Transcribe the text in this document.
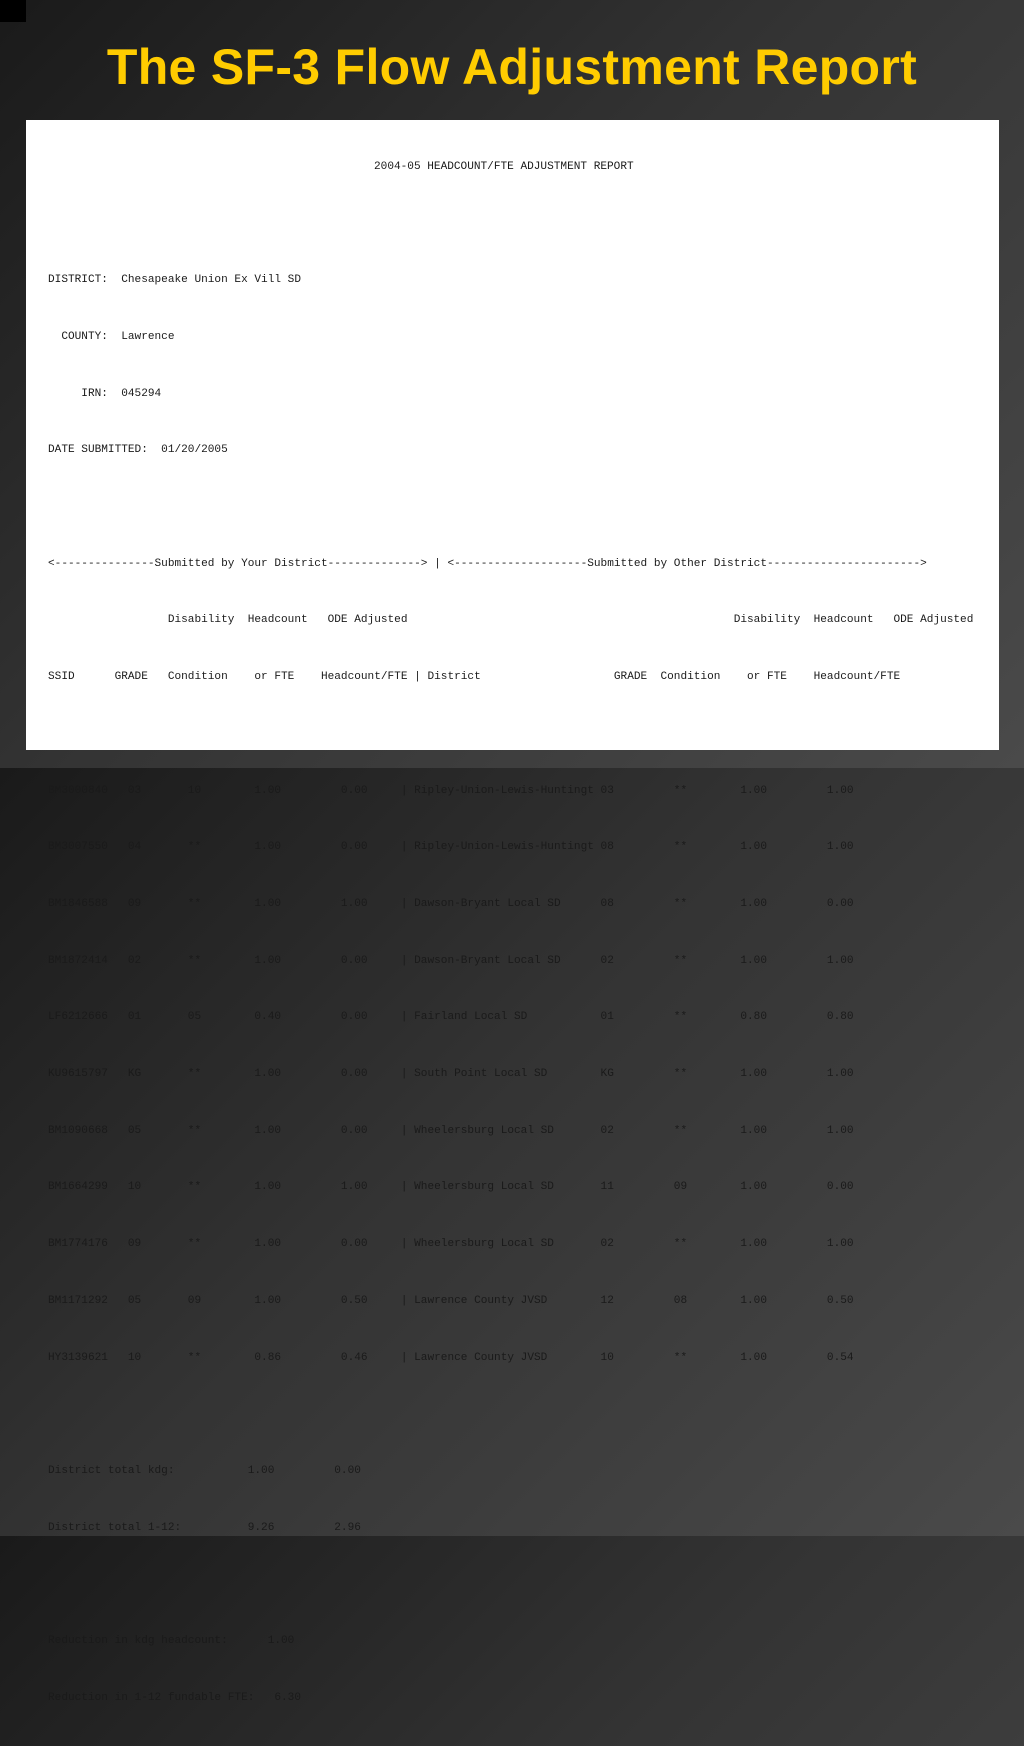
The SF-3 Flow Adjustment Report

2004-05 HEADCOUNT/FTE ADJUSTMENT REPORT

DISTRICT:  Chesapeake Union Ex Vill SD

COUNTY:  Lawrence

IRN:  045294

DATE SUBMITTED:  01/20/2005

<---------------Submitted by Your District--------------> | <--------------------Submitted by Other District----------------------->

Disability  Headcount   ODE Adjusted                                                 Disability  Headcount   ODE Adjusted

SSID      GRADE   Condition    or FTE    Headcount/FTE | District                    GRADE  Condition    or FTE    Headcount/FTE

BM3000840   03       10        1.00         0.00     | Ripley-Union-Lewis-Huntingt 03         **        1.00         1.00

BM3007550   04       **        1.00         0.00     | Ripley-Union-Lewis-Huntingt 08         **        1.00         1.00

BM1846588   09       **        1.00         1.00     | Dawson-Bryant Local SD      08         **        1.00         0.00

BM1872414   02       **        1.00         0.00     | Dawson-Bryant Local SD      02         **        1.00         1.00

LF6212666   01       05        0.40         0.00     | Fairland Local SD           01         **        0.80         0.80

KU9615797   KG       **        1.00         0.00     | South Point Local SD        KG         **        1.00         1.00

BM1090668   05       **        1.00         0.00     | Wheelersburg Local SD       02         **        1.00         1.00

BM1664299   10       **        1.00         1.00     | Wheelersburg Local SD       11         09        1.00         0.00

BM1774176   09       **        1.00         0.00     | Wheelersburg Local SD       02         **        1.00         1.00

BM1171292   05       09        1.00         0.50     | Lawrence County JVSD        12         08        1.00         0.50

HY3139621   10       **        0.86         0.46     | Lawrence County JVSD        10         **        1.00         0.54

District total kdg:           1.00         0.00

District total 1-12:          9.26         2.96

Reduction in kdg headcount:      1.00

Reduction in 1-12 fundable FTE:   6.30
